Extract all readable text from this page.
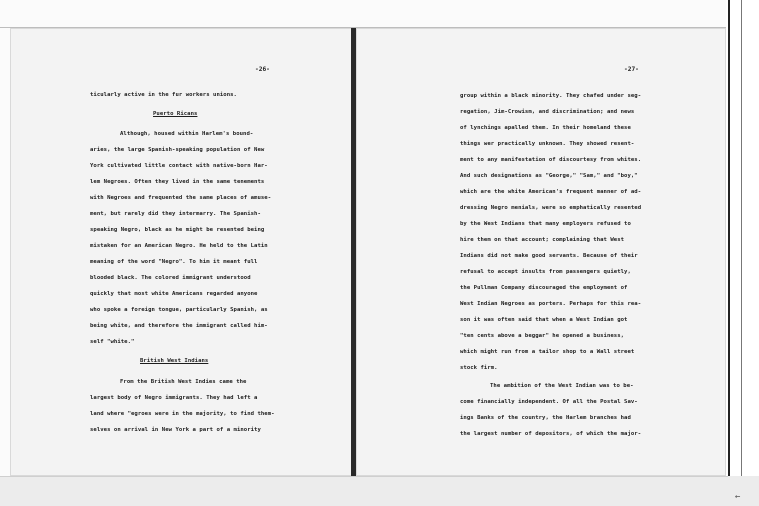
-26-
ticularly active in the fur workers unions.
Puerto Ricans
Although, housed within Harlem's bound-
aries, the large Spanish-speaking population of New
York cultivated little contact with native-born Har-
lem Negroes. Often they lived in the same tenements
with Negroes and frequented the same places of amuse-
ment, but rarely did they intermarry. The Spanish-
speaking Negro, black as he might be resented being
mistaken for an American Negro. He held to the Latin
meaning of the word "Negro". To him it meant full
blooded black. The colored immigrant understood
quickly that most white Americans regarded anyone
who spoke a foreign tongue, particularly Spanish, as
being white, and therefore the immigrant called him-
self "white."
British West Indians
From the British West Indies came the
largest body of Negro immigrants. They had left a
land where "egroes were in the majority, to find them-
selves on arrival in New York a part of a minority
-27-
group within a black minority. They chafed under seg-
regation, Jim-Crowism, and discrimination; and news
of lynchings apalled them. In their homeland these
things wer practically unknown. They showed resent-
ment to any manifestation of discourtesy from whites.
And such designations as "George," "Sam," and "boy,"
which are the white American's frequent manner of ad-
dressing Negro menials, were so emphatically resented
by the West Indians that many employers refused to
hire them on that account; complaining that West
Indians did not make good servants. Because of their
refusal to accept insults from passengers quietly,
the Pullman Company discouraged the employment of
West Indian Negroes as porters. Perhaps for this rea-
son it was often said that when a West Indian got
"ten cents above a beggar" he opened a business,
which might run from a tailor shop to a Wall street
stock firm.
The ambition of the West Indian was to be-
come financially independent. Of all the Postal Sav-
ings Banks of the country, the Harlem branches had
the largest number of depositors, of which the major-
←
